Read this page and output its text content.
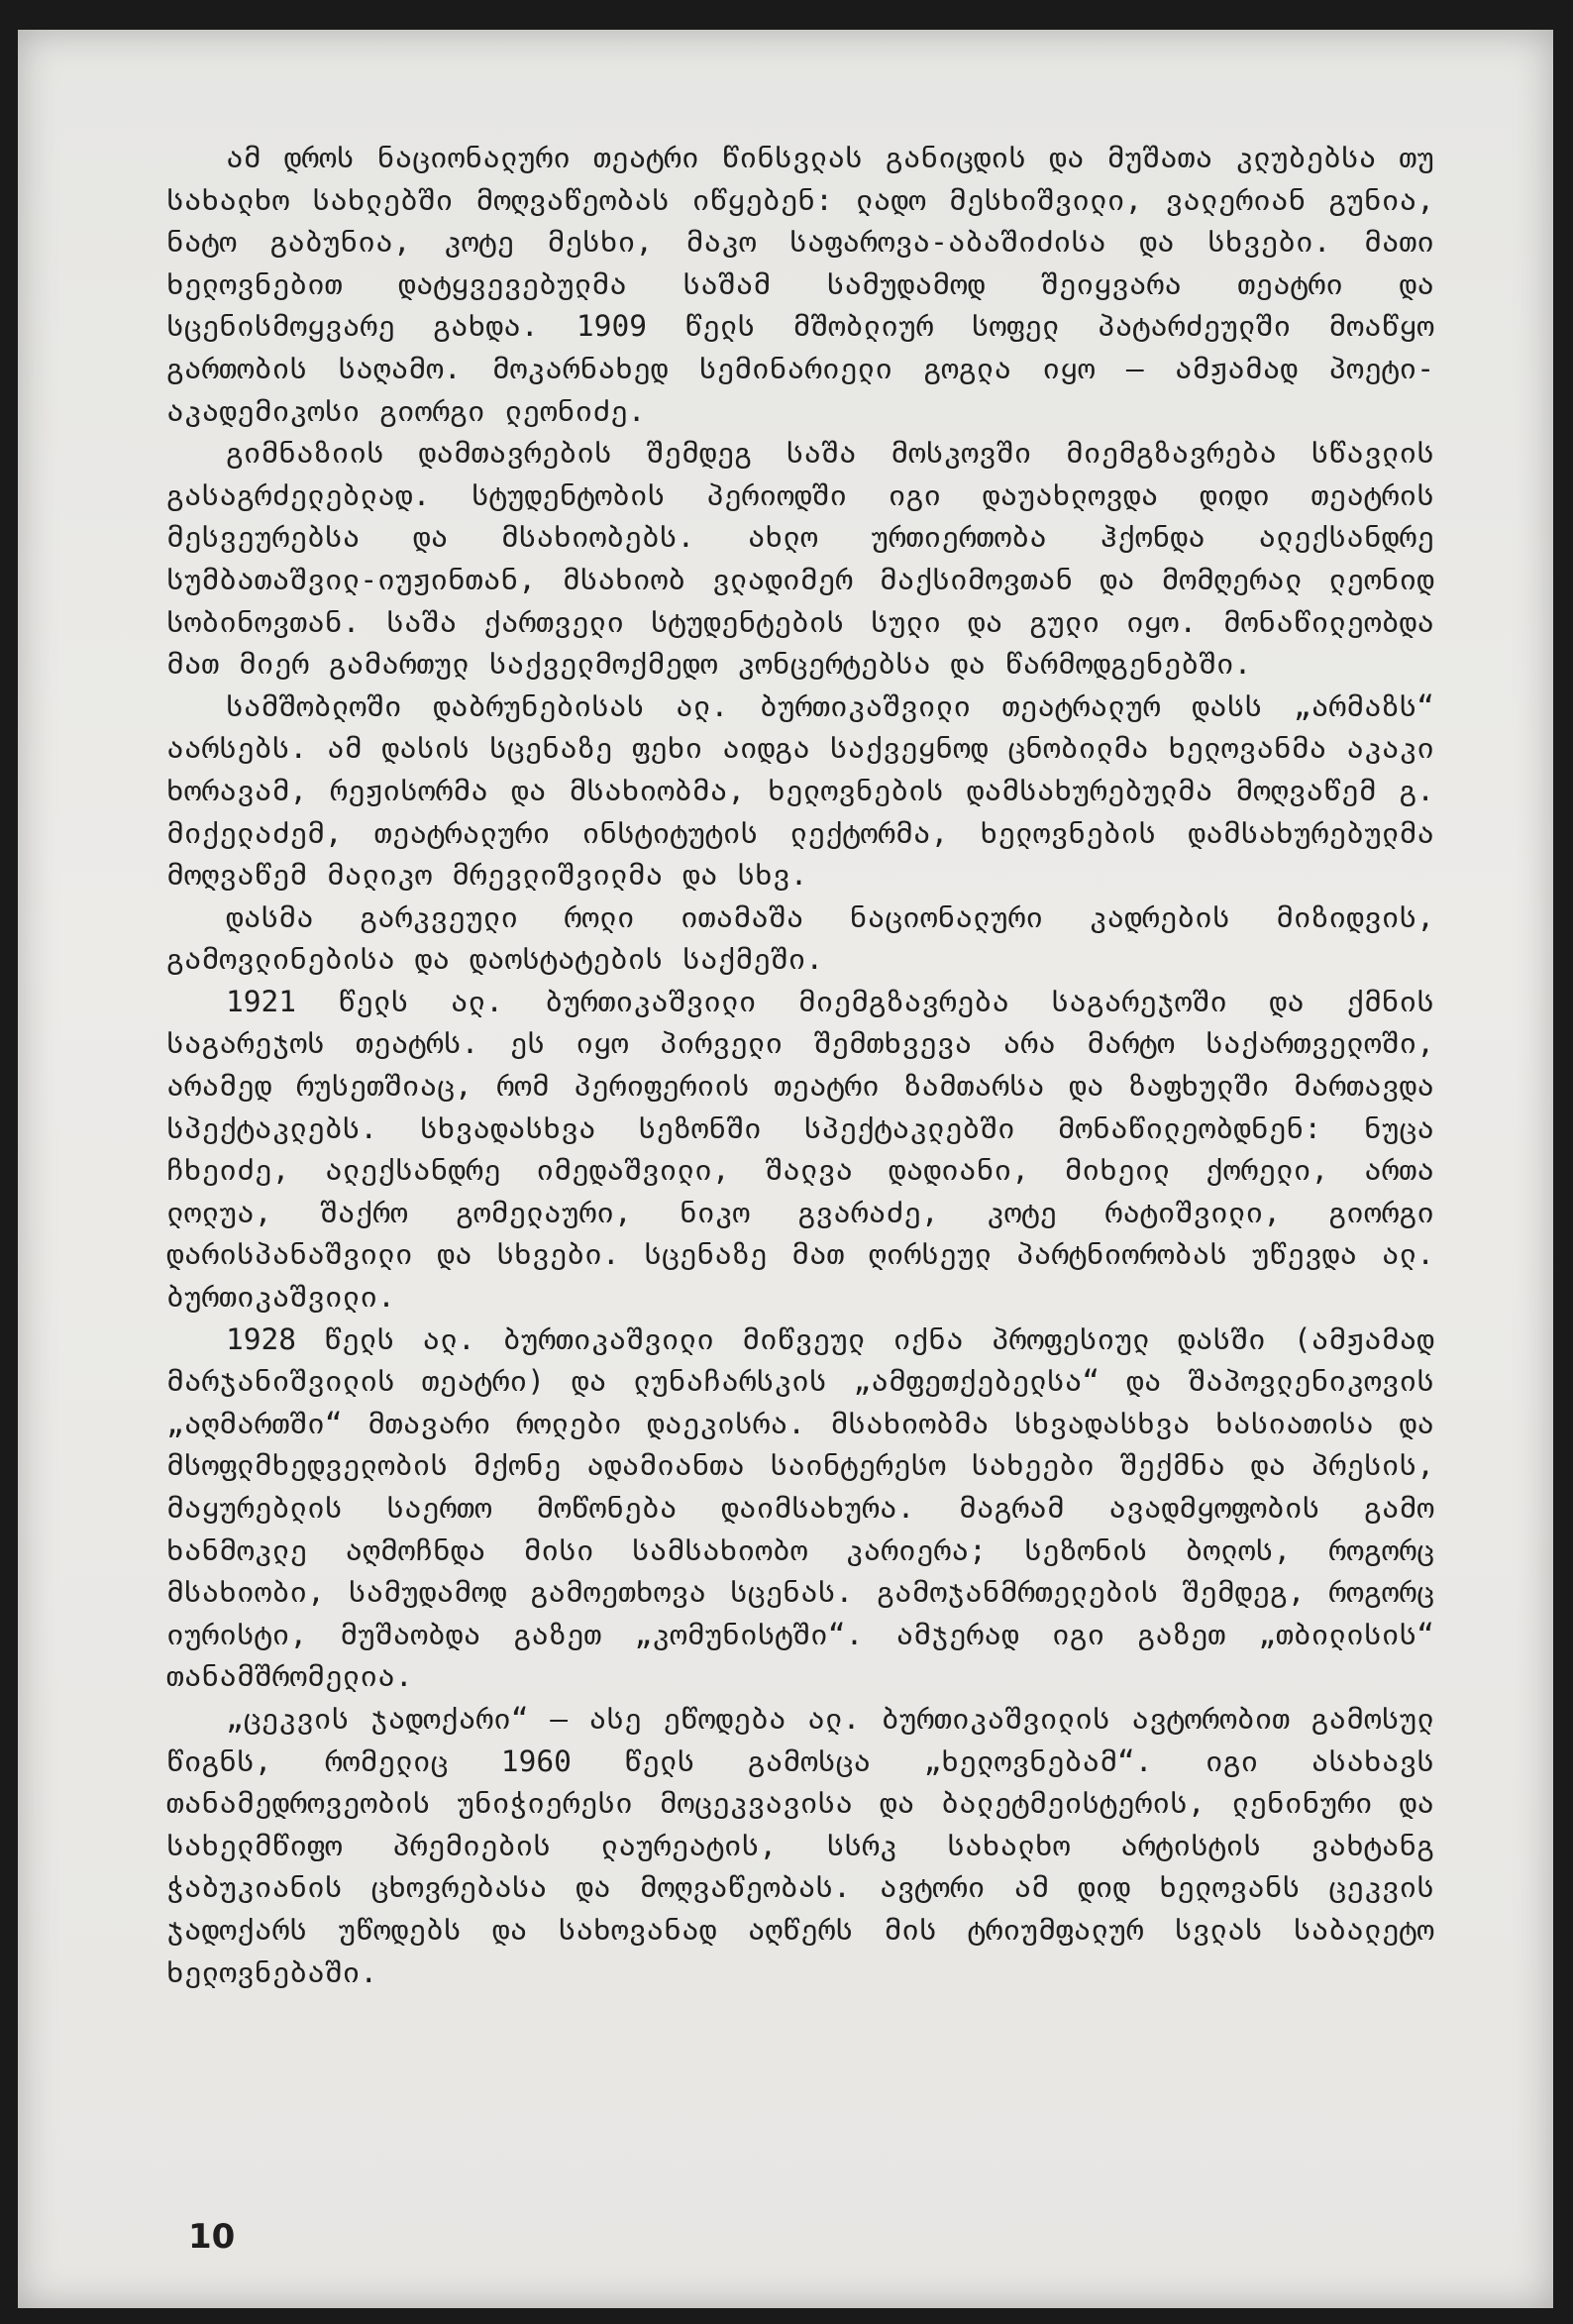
ამ დროს ნაციონალური თეატრი წინსვლას განიცდის და მუშათა კლუბებსა თუ სახალხო სახლებში მოღვაწეობას იწყებენ: ლადო მესხიშვილი, ვალერიან გუნია, ნატო გაბუნია, კოტე მესხი, მაკო საფაროვა-აბაშიძისა და სხვები. მათი ხელოვნებით დატყვევებულმა საშამ სამუდამოდ შეიყვარა თეატრი და სცენისმოყვარე გახდა. 1909 წელს მშობლიურ სოფელ პატარძეულში მოაწყო გართობის საღამო. მოკარნახედ სემინარიელი გოგლა იყო — ამჟამად პოეტი-აკადემიკოსი გიორგი ლეონიძე.

გიმნაზიის დამთავრების შემდეგ საშა მოსკოვში მიემგზავრება სწავლის გასაგრძელებლად. სტუდენტობის პერიოდში იგი დაუახლოვდა დიდი თეატრის მესვეურებსა და მსახიობებს. ახლო ურთიერთობა ჰქონდა ალექსანდრე სუმბათაშვილ-იუჟინთან, მსახიობ ვლადიმერ მაქსიმოვთან და მომღერალ ლეონიდ სობინოვთან. საშა ქართველი სტუდენტების სული და გული იყო. მონაწილეობდა მათ მიერ გამართულ საქველმოქმედო კონცერტებსა და წარმოდგენებში.

სამშობლოში დაბრუნებისას ალ. ბურთიკაშვილი თეატრალურ დასს „არმაზს“ აარსებს. ამ დასის სცენაზე ფეხი აიდგა საქვეყნოდ ცნობილმა ხელოვანმა აკაკი ხორავამ, რეჟისორმა და მსახიობმა, ხელოვნების დამსახურებულმა მოღვაწემ გ. მიქელაძემ, თეატრალური ინსტიტუტის ლექტორმა, ხელოვნების დამსახურებულმა მოღვაწემ მალიკო მრევლიშვილმა და სხვ.

დასმა გარკვეული როლი ითამაშა ნაციონალური კადრების მიზიდვის, გამოვლინებისა და დაოსტატების საქმეში.

1921 წელს ალ. ბურთიკაშვილი მიემგზავრება საგარეჯოში და ქმნის საგარეჯოს თეატრს. ეს იყო პირველი შემთხვევა არა მარტო საქართველოში, არამედ რუსეთშიაც, რომ პერიფერიის თეატრი ზამთარსა და ზაფხულში მართავდა სპექტაკლებს. სხვადასხვა სეზონში სპექტაკლებში მონაწილეობდნენ: ნუცა ჩხეიძე, ალექსანდრე იმედაშვილი, შალვა დადიანი, მიხეილ ქორელი, ართა ლოლუა, შაქრო გომელაური, ნიკო გვარაძე, კოტე რატიშვილი, გიორგი დარისპანაშვილი და სხვები. სცენაზე მათ ღირსეულ პარტნიორობას უწევდა ალ. ბურთიკაშვილი.

1928 წელს ალ. ბურთიკაშვილი მიწვეულ იქნა პროფესიულ დასში (ამჟამად მარჯანიშვილის თეატრი) და ლუნაჩარსკის „ამფეთქებელსა“ და შაპოვლენიკოვის „აღმართში“ მთავარი როლები დაეკისრა. მსახიობმა სხვადასხვა ხასიათისა და მსოფლმხედველობის მქონე ადამიანთა საინტერესო სახეები შექმნა და პრესის, მაყურებლის საერთო მოწონება დაიმსახურა. მაგრამ ავადმყოფობის გამო ხანმოკლე აღმოჩნდა მისი სამსახიობო კარიერა; სეზონის ბოლოს, როგორც მსახიობი, სამუდამოდ გამოეთხოვა სცენას. გამოჯანმრთელების შემდეგ, როგორც იურისტი, მუშაობდა გაზეთ „კომუნისტში“. ამჯერად იგი გაზეთ „თბილისის“ თანამშრომელია.

„ცეკვის ჯადოქარი“ — ასე ეწოდება ალ. ბურთიკაშვილის ავტორობით გამოსულ წიგნს, რომელიც 1960 წელს გამოსცა „ხელოვნებამ“. იგი ასახავს თანამედროვეობის უნიჭიერესი მოცეკვავისა და ბალეტმეისტერის, ლენინური და სახელმწიფო პრემიების ლაურეატის, სსრკ სახალხო არტისტის ვახტანგ ჭაბუკიანის ცხოვრებასა და მოღვაწეობას. ავტორი ამ დიდ ხელოვანს ცეკვის ჯადოქარს უწოდებს და სახოვანად აღწერს მის ტრიუმფალურ სვლას საბალეტო ხელოვნებაში.

10
